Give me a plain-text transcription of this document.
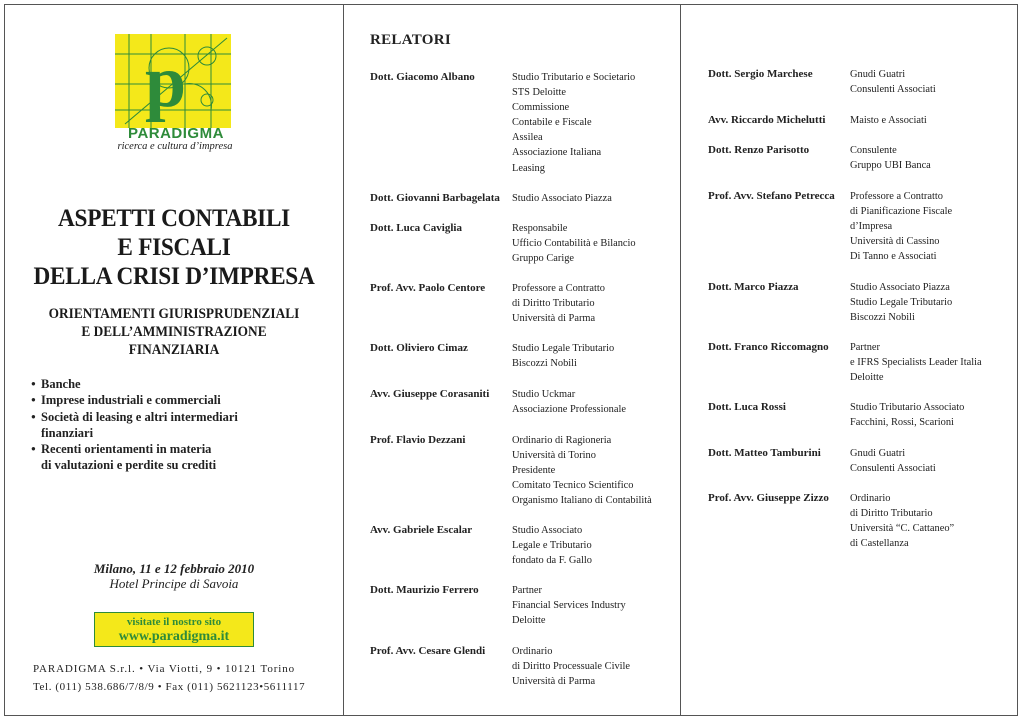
p
PARADIGMA
ricerca e cultura d’impresa
ASPETTI CONTABILI
E FISCALI
DELLA CRISI D’IMPRESA
ORIENTAMENTI GIURISPRUDENZIALI
E DELL’AMMINISTRAZIONE
FINANZIARIA
● Banche
● Imprese industriali e commerciali
● Società di leasing e altri intermediari
finanziari
● Recenti orientamenti in materia
di valutazioni e perdite su crediti
Milano, 11 e 12 febbraio 2010
Hotel Principe di Savoia
visitate il nostro sito
www.paradigma.it
PARADIGMA S.r.l. • Via Viotti, 9 • 10121 Torino
Tel. (011) 538.686/7/8/9 • Fax (011) 5621123•5611117
RELATORI
Dott. Giacomo Albano	Studio Tributario e Societario
STS Deloitte
Commissione
Contabile e Fiscale
Assilea
Associazione Italiana
Leasing
Dott. Giovanni Barbagelata Studio Associato Piazza
Dott. Luca Caviglia	Responsabile
Ufficio Contabilità e Bilancio
Gruppo Carige
Prof. Avv. Paolo Centore	Professore a Contratto
di Diritto Tributario
Università di Parma
Dott. Oliviero Cimaz	Studio Legale Tributario
Biscozzi Nobili
Avv. Giuseppe Corasaniti Studio Uckmar
Associazione Professionale
Prof. Flavio Dezzani	Ordinario di Ragioneria
Università di Torino
Presidente
Comitato Tecnico Scientifico
Organismo Italiano di Contabilità
Avv. Gabriele Escalar	Studio Associato
Legale e Tributario
fondato da F. Gallo
Dott. Maurizio Ferrero	Partner
Financial Services Industry
Deloitte
Prof. Avv. Cesare Glendi	Ordinario
di Diritto Processuale Civile
Università di Parma
Dott. Sergio Marchese	Gnudi Guatri
Consulenti Associati
Avv. Riccardo Michelutti Maisto e Associati
Dott. Renzo Parisotto	Consulente
Gruppo UBI Banca
Prof. Avv. Stefano Petrecca Professore a Contratto
di Pianificazione Fiscale
d’Impresa
Università di Cassino
Di Tanno e Associati
Dott. Marco Piazza	Studio Associato Piazza
Studio Legale Tributario
Biscozzi Nobili
Dott. Franco Riccomagno Partner
e IFRS Specialists Leader Italia
Deloitte
Dott. Luca Rossi	Studio Tributario Associato
Facchini, Rossi, Scarioni
Dott. Matteo Tamburini	Gnudi Guatri
Consulenti Associati
Prof. Avv. Giuseppe Zizzo Ordinario
di Diritto Tributario
Università “C. Cattaneo”
di Castellanza
